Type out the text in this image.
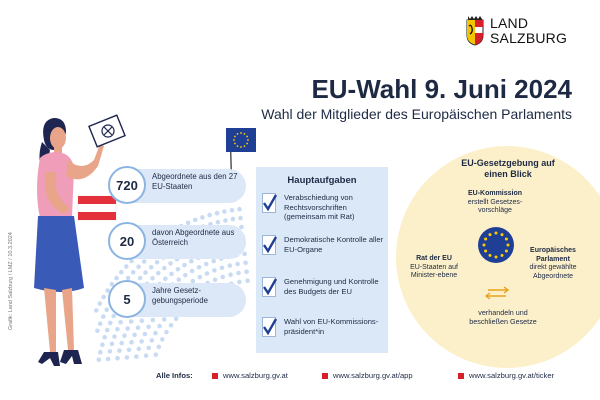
LAND
SALZBURG
EU-Wahl 9. Juni 2024
Wahl der Mitglieder des Europäischen Parlaments
Grafik: Land Salzburg / LMZ / 10.3.2024
720
Abgeordnete aus den 27 EU-Staaten
20
davon Abgeordnete aus Österreich
5
Jahre Gesetz-gebungsperiode
Hauptaufgaben
Verabschiedung von Rechtsvorschriften (gemeinsam mit Rat)
Demokratische Kontrolle aller EU-Organe
Genehmigung und Kontrolle des Budgets der EU
Wahl von EU-Kommissions-präsident*in
EU-Gesetzgebung auf einen Blick
EU-Kommission
erstellt Gesetzes-vorschläge
Rat der EU
EU-Staaten auf Minister-ebene
Europäisches Parlament
direkt gewählte Abgeordnete
verhandeln und beschließen Gesetze
Alle Infos:	www.salzburg.gv.at	www.salzburg.gv.at/app	www.salzburg.gv.at/ticker
